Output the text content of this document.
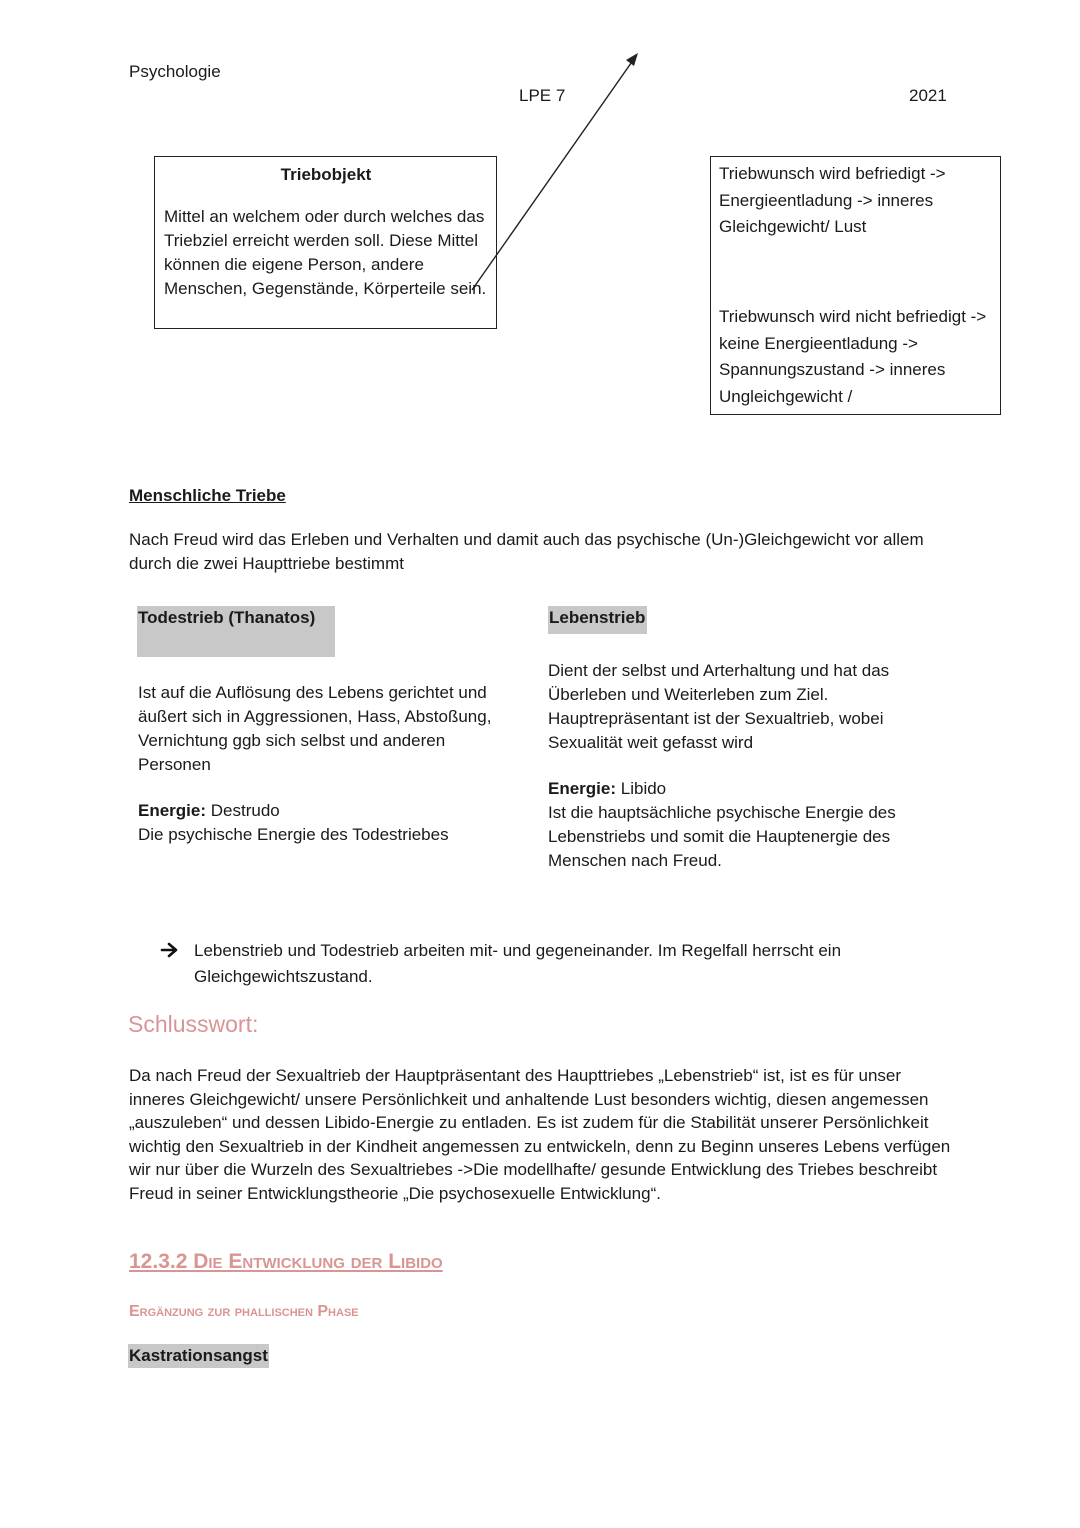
Psychologie
LPE 7	2021

Triebobjekt

Mittel an welchem oder durch welches das Triebziel erreicht werden soll. Diese Mittel können die eigene Person, andere Menschen, Gegenstände, Körperteile sein.

Triebwunsch wird befriedigt -> Energieentladung -> inneres Gleichgewicht/ Lust

Triebwunsch wird nicht befriedigt -> keine Energieentladung -> Spannungszustand -> inneres Ungleichgewicht /

Menschliche Triebe
Nach Freud wird das Erleben und Verhalten und damit auch das psychische (Un-)Gleichgewicht vor allem durch die zwei Haupttriebe bestimmt
Todestrieb (Thanatos)
Ist auf die Auflösung des Lebens gerichtet und äußert sich in Aggressionen, Hass, Abstoßung, Vernichtung ggb sich selbst und anderen Personen

Energie: Destrudo

Die psychische Energie des Todestriebes

Lebenstrieb
Dient der selbst und Arterhaltung und hat das Überleben und Weiterleben zum Ziel. Hauptrepräsentant ist der Sexualtrieb, wobei Sexualität weit gefasst wird

Energie: Libido

Ist die hauptsächliche psychische Energie des Lebenstriebs und somit die Hauptenergie des Menschen nach Freud.

Lebenstrieb und Todestrieb arbeiten mit- und gegeneinander. Im Regelfall herrscht ein Gleichgewichtszustand.
Schlusswort:
Da nach Freud der Sexualtrieb der Hauptpräsentant des Haupttriebes „Lebenstrieb“ ist, ist es für unser inneres Gleichgewicht/ unsere Persönlichkeit und anhaltende Lust besonders wichtig, diesen angemessen „auszuleben“ und dessen Libido-Energie zu entladen. Es ist zudem für die Stabilität unserer Persönlichkeit wichtig den Sexualtrieb in der Kindheit angemessen zu entwickeln, denn zu Beginn unseres Lebens verfügen wir nur über die Wurzeln des Sexualtriebes ->Die modellhafte/ gesunde Entwicklung des Triebes beschreibt Freud in seiner Entwicklungstheorie „Die psychosexuelle Entwicklung“.
12.3.2 Die Entwicklung der Libido
Ergänzung zur phallischen Phase
Kastrationsangst
